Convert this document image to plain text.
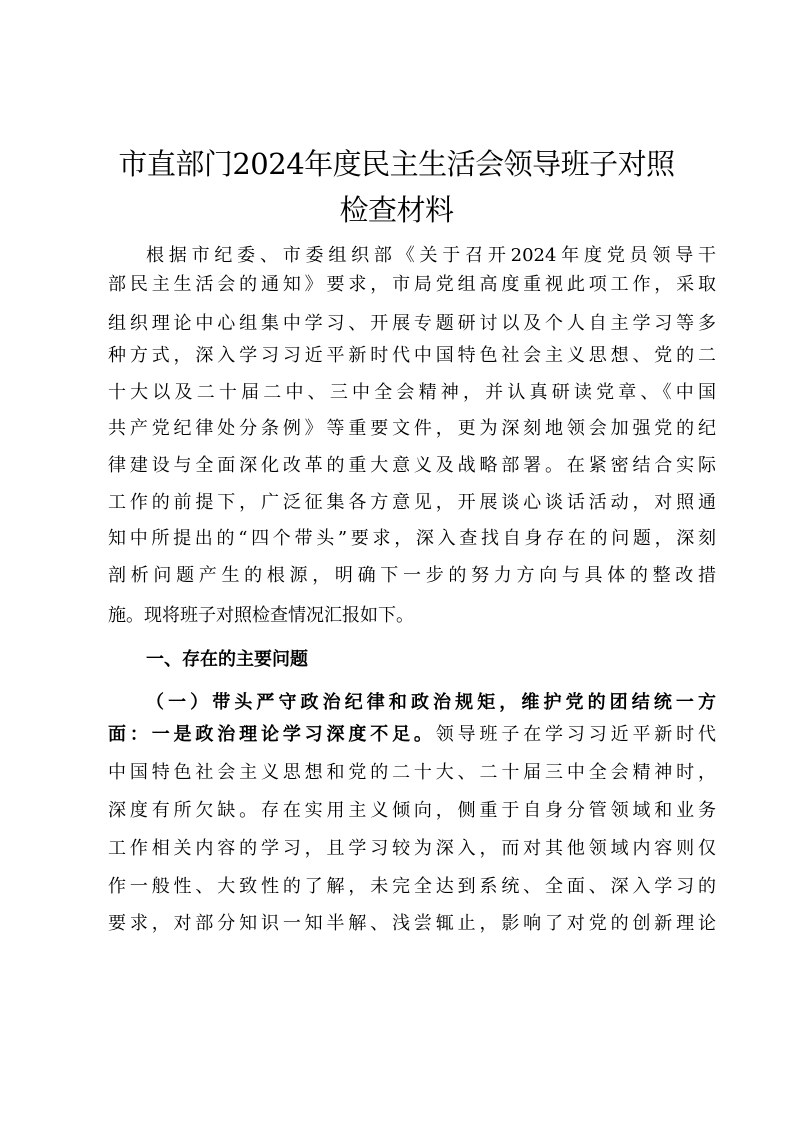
市直部门2024年度民主生活会领导班子对照
检查材料
根据市纪委、市委组织部《关于召开2024年度党员领导干
部民主生活会的通知》要求，市局党组高度重视此项工作，采取
组织理论中心组集中学习、开展专题研讨以及个人自主学习等多
种方式，深入学习习近平新时代中国特色社会主义思想、党的二
十大以及二十届二中、三中全会精神，并认真研读党章、《中国
共产党纪律处分条例》等重要文件，更为深刻地领会加强党的纪
律建设与全面深化改革的重大意义及战略部署。在紧密结合实际
工作的前提下，广泛征集各方意见，开展谈心谈话活动，对照通
知中所提出的“四个带头”要求，深入查找自身存在的问题，深刻
剖析问题产生的根源，明确下一步的努力方向与具体的整改措
施。现将班子对照检查情况汇报如下。
一、存在的主要问题
（一）带头严守政治纪律和政治规矩，维护党的团结统一方
面：一是政治理论学习深度不足。领导班子在学习习近平新时代
中国特色社会主义思想和党的二十大、二十届三中全会精神时，
深度有所欠缺。存在实用主义倾向，侧重于自身分管领域和业务
工作相关内容的学习，且学习较为深入，而对其他领域内容则仅
作一般性、大致性的了解，未完全达到系统、全面、深入学习的
要求，对部分知识一知半解、浅尝辄止，影响了对党的创新理论
